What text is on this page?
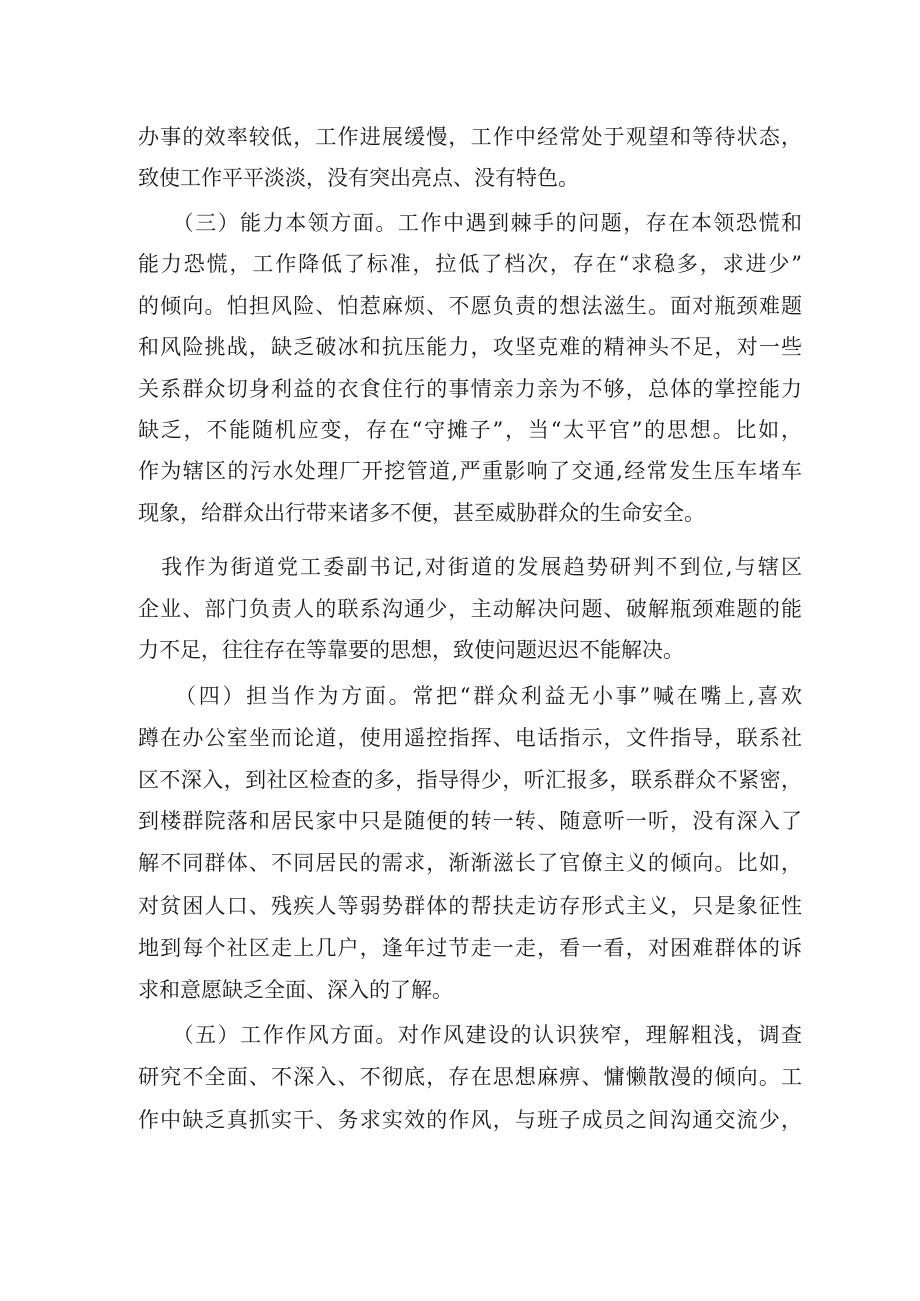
办事的效率较低，工作进展缓慢，工作中经常处于观望和等待状态，
致使工作平平淡淡，没有突出亮点、没有特色。
　　（三）能力本领方面。工作中遇到棘手的问题，存在本领恐慌和
能力恐慌，工作降低了标准，拉低了档次，存在“求稳多，求进少”
的倾向。怕担风险、怕惹麻烦、不愿负责的想法滋生。面对瓶颈难题
和风险挑战，缺乏破冰和抗压能力，攻坚克难的精神头不足，对一些
关系群众切身利益的衣食住行的事情亲力亲为不够，总体的掌控能力
缺乏，不能随机应变，存在“守摊子”，当“太平官”的思想。比如，
作为辖区的污水处理厂开挖管道,严重影响了交通,经常发生压车堵车
现象，给群众出行带来诸多不便，甚至威胁群众的生命安全。
　我作为街道党工委副书记,对街道的发展趋势研判不到位,与辖区
企业、部门负责人的联系沟通少，主动解决问题、破解瓶颈难题的能
力不足，往往存在等靠要的思想，致使问题迟迟不能解决。
　　（四）担当作为方面。常把“群众利益无小事”喊在嘴上,喜欢
蹲在办公室坐而论道，使用遥控指挥、电话指示，文件指导，联系社
区不深入，到社区检查的多，指导得少，听汇报多，联系群众不紧密，
到楼群院落和居民家中只是随便的转一转、随意听一听，没有深入了
解不同群体、不同居民的需求，渐渐滋长了官僚主义的倾向。比如，
对贫困人口、残疾人等弱势群体的帮扶走访存形式主义，只是象征性
地到每个社区走上几户，逢年过节走一走，看一看，对困难群体的诉
求和意愿缺乏全面、深入的了解。
　　（五）工作作风方面。对作风建设的认识狭窄，理解粗浅，调查
研究不全面、不深入、不彻底，存在思想麻痹、慵懒散漫的倾向。工
作中缺乏真抓实干、务求实效的作风，与班子成员之间沟通交流少，
